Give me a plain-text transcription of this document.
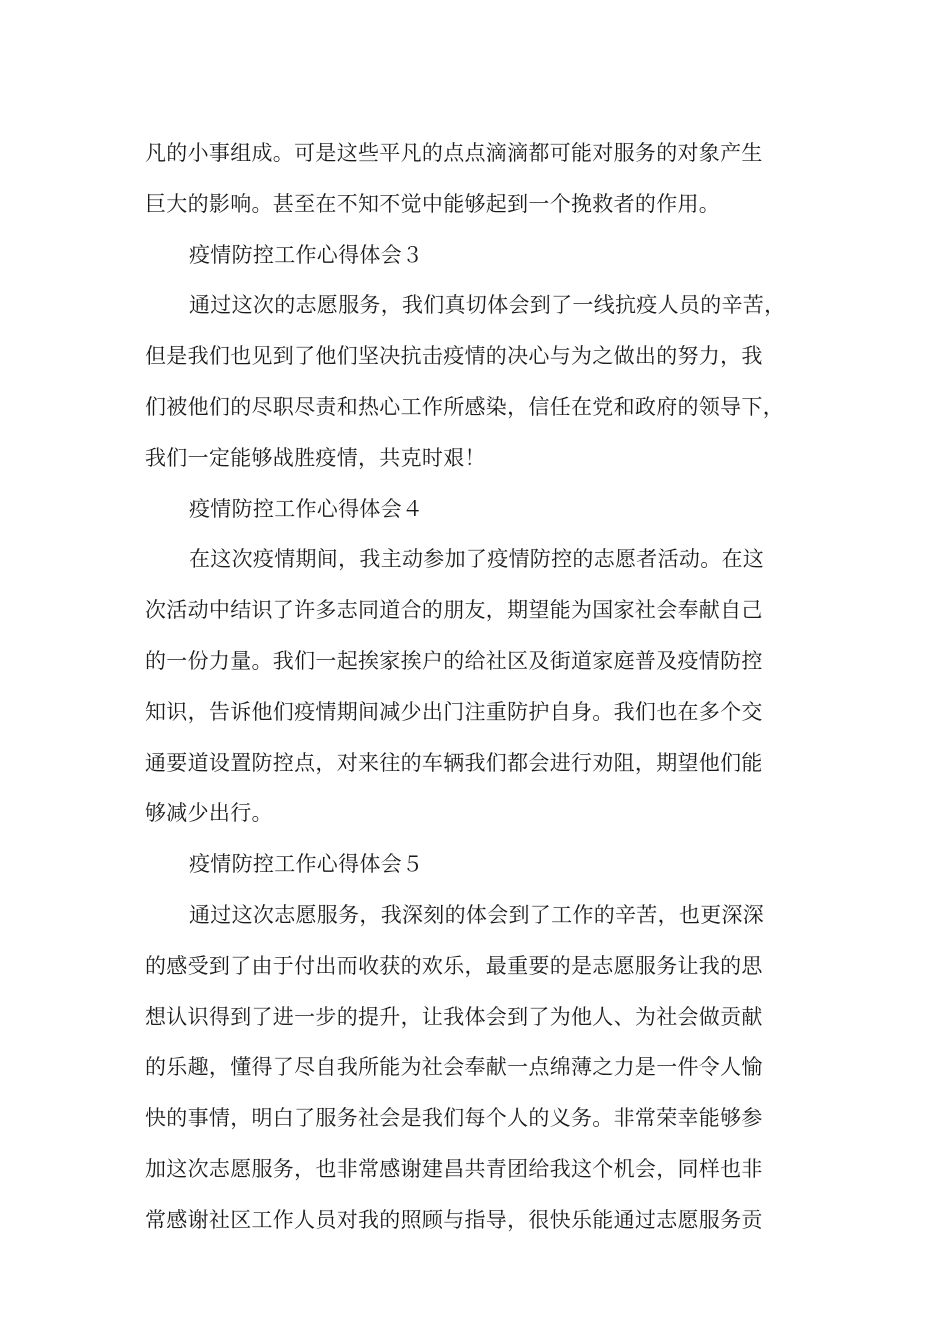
凡的小事组成。可是这些平凡的点点滴滴都可能对服务的对象产生
巨大的影响。甚至在不知不觉中能够起到一个挽救者的作用。
疫情防控工作心得体会３
通过这次的志愿服务，我们真切体会到了一线抗疫人员的辛苦，
但是我们也见到了他们坚决抗击疫情的决心与为之做出的努力，我
们被他们的尽职尽责和热心工作所感染，信任在党和政府的领导下，
我们一定能够战胜疫情，共克时艰！
疫情防控工作心得体会４
在这次疫情期间，我主动参加了疫情防控的志愿者活动。在这
次活动中结识了许多志同道合的朋友，期望能为国家社会奉献自己
的一份力量。我们一起挨家挨户的给社区及街道家庭普及疫情防控
知识，告诉他们疫情期间减少出门注重防护自身。我们也在多个交
通要道设置防控点，对来往的车辆我们都会进行劝阻，期望他们能
够减少出行。
疫情防控工作心得体会５
通过这次志愿服务，我深刻的体会到了工作的辛苦，也更深深
的感受到了由于付出而收获的欢乐，最重要的是志愿服务让我的思
想认识得到了进一步的提升，让我体会到了为他人、为社会做贡献
的乐趣，懂得了尽自我所能为社会奉献一点绵薄之力是一件令人愉
快的事情，明白了服务社会是我们每个人的义务。非常荣幸能够参
加这次志愿服务，也非常感谢建昌共青团给我这个机会，同样也非
常感谢社区工作人员对我的照顾与指导，很快乐能通过志愿服务贡
